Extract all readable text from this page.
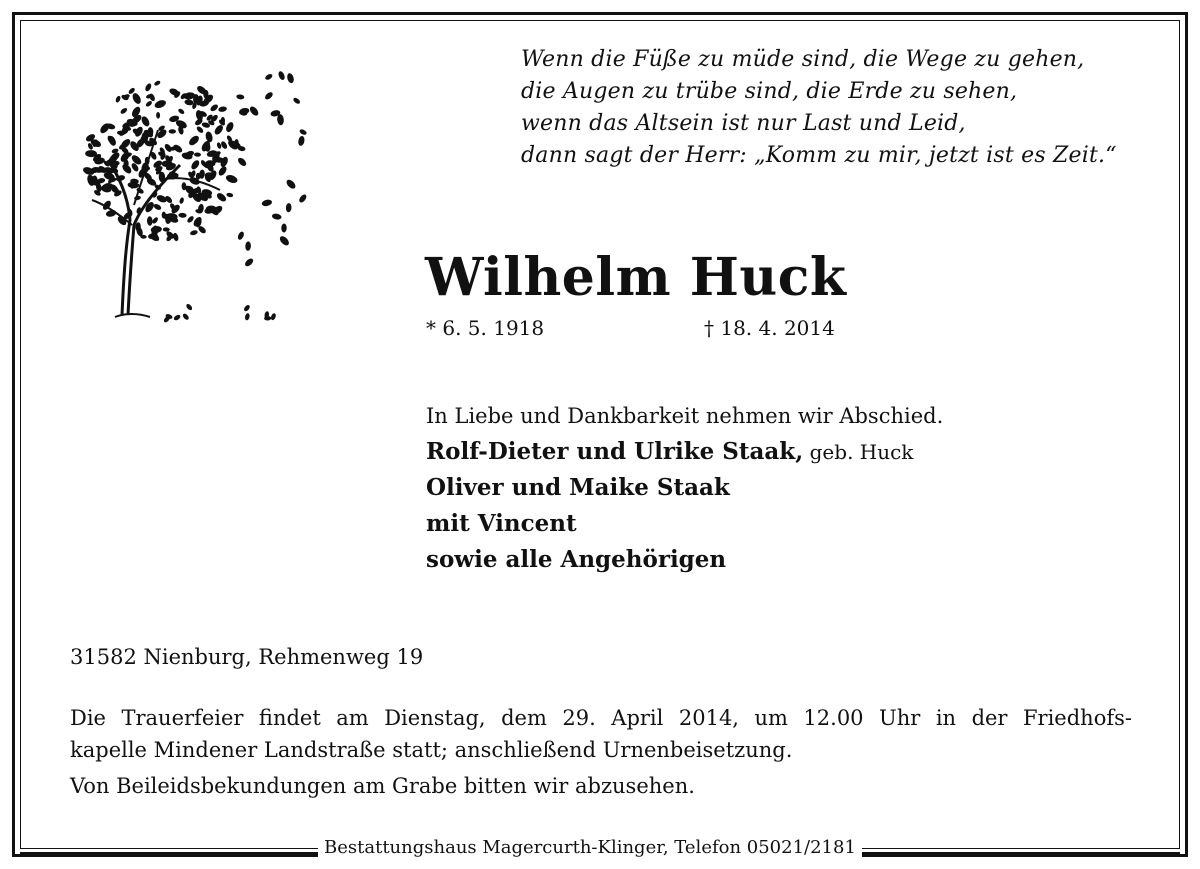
Wenn die Füße zu müde sind, die Wege zu gehen,
die Augen zu trübe sind, die Erde zu sehen,
wenn das Altsein ist nur Last und Leid,
dann sagt der Herr: „Komm zu mir, jetzt ist es Zeit.“
Wilhelm Huck
* 6. 5. 1918	† 18. 4. 2014
In Liebe und Dankbarkeit nehmen wir Abschied.
Rolf-Dieter und Ulrike Staak, geb. Huck
Oliver und Maike Staak
mit Vincent
sowie alle Angehörigen
31582 Nienburg, Rehmenweg 19
Die Trauerfeier findet am Dienstag, dem 29. April 2014, um 12.00 Uhr in der Friedhofs-
kapelle Mindener Landstraße statt; anschließend Urnenbeisetzung.
Von Beileidsbekundungen am Grabe bitten wir abzusehen.
Bestattungshaus Magercurth-Klinger, Telefon 05021/2181
